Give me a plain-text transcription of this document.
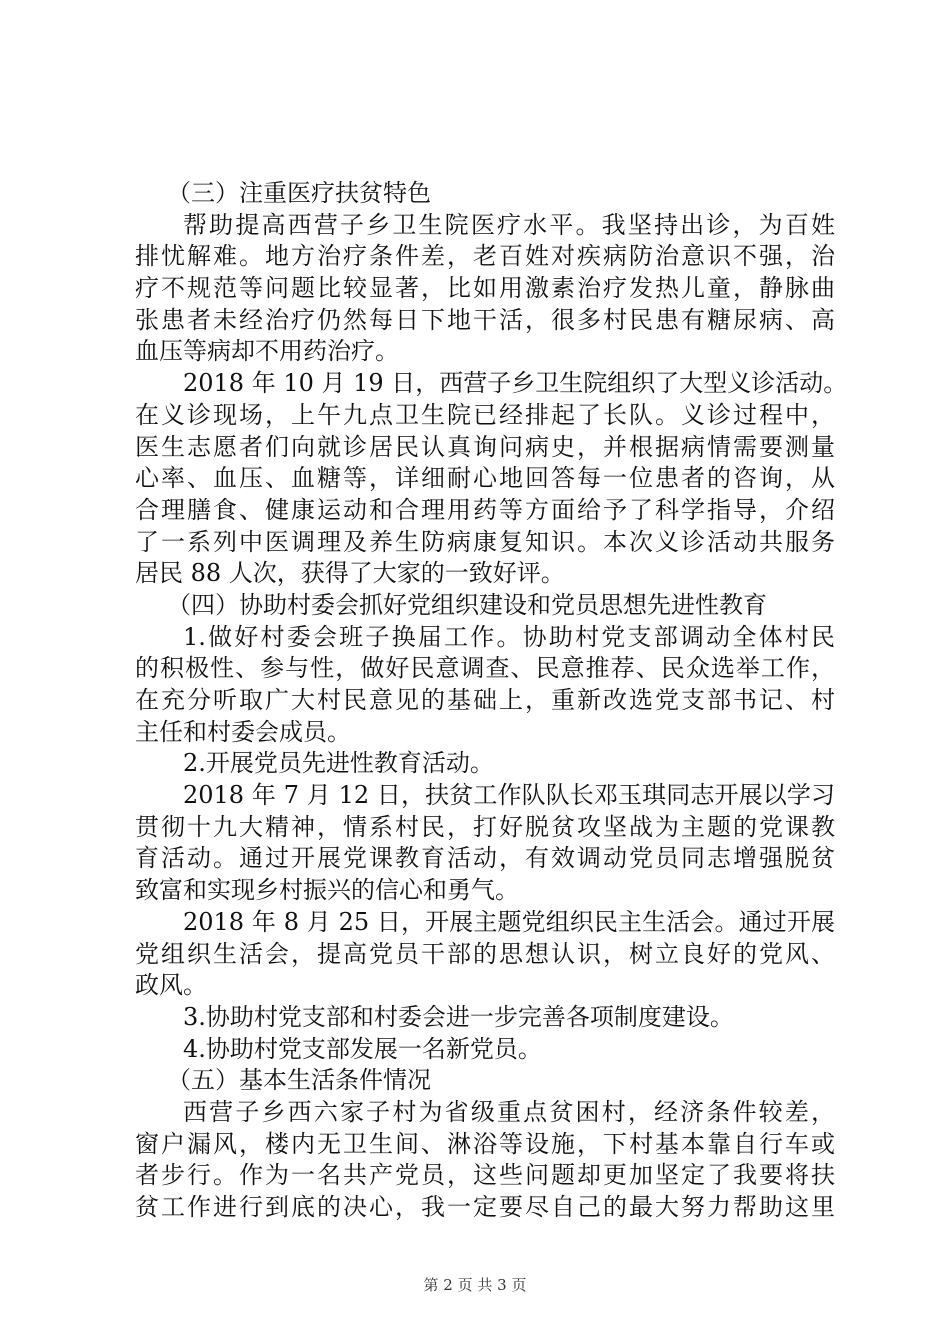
（三）注重医疗扶贫特色
帮助提高西营子乡卫生院医疗水平。我坚持出诊，为百姓
排忧解难。地方治疗条件差，老百姓对疾病防治意识不强，治
疗不规范等问题比较显著，比如用激素治疗发热儿童，静脉曲
张患者未经治疗仍然每日下地干活，很多村民患有糖尿病、高
血压等病却不用药治疗。
2018 年 10 月 19 日，西营子乡卫生院组织了大型义诊活动。
在义诊现场，上午九点卫生院已经排起了长队。义诊过程中，
医生志愿者们向就诊居民认真询问病史，并根据病情需要测量
心率、血压、血糖等，详细耐心地回答每一位患者的咨询，从
合理膳食、健康运动和合理用药等方面给予了科学指导，介绍
了一系列中医调理及养生防病康复知识。本次义诊活动共服务
居民 88 人次，获得了大家的一致好评。
（四）协助村委会抓好党组织建设和党员思想先进性教育
1.做好村委会班子换届工作。协助村党支部调动全体村民
的积极性、参与性，做好民意调查、民意推荐、民众选举工作，
在充分听取广大村民意见的基础上，重新改选党支部书记、村
主任和村委会成员。
2.开展党员先进性教育活动。
2018 年 7 月 12 日，扶贫工作队队长邓玉琪同志开展以学习
贯彻十九大精神，情系村民，打好脱贫攻坚战为主题的党课教
育活动。通过开展党课教育活动，有效调动党员同志增强脱贫
致富和实现乡村振兴的信心和勇气。
2018 年 8 月 25 日，开展主题党组织民主生活会。通过开展
党组织生活会，提高党员干部的思想认识，树立良好的党风、
政风。
3.协助村党支部和村委会进一步完善各项制度建设。
4.协助村党支部发展一名新党员。
（五）基本生活条件情况
西营子乡西六家子村为省级重点贫困村，经济条件较差，
窗户漏风，楼内无卫生间、淋浴等设施，下村基本靠自行车或
者步行。作为一名共产党员，这些问题却更加坚定了我要将扶
贫工作进行到底的决心，我一定要尽自己的最大努力帮助这里
第 2 页 共 3 页
